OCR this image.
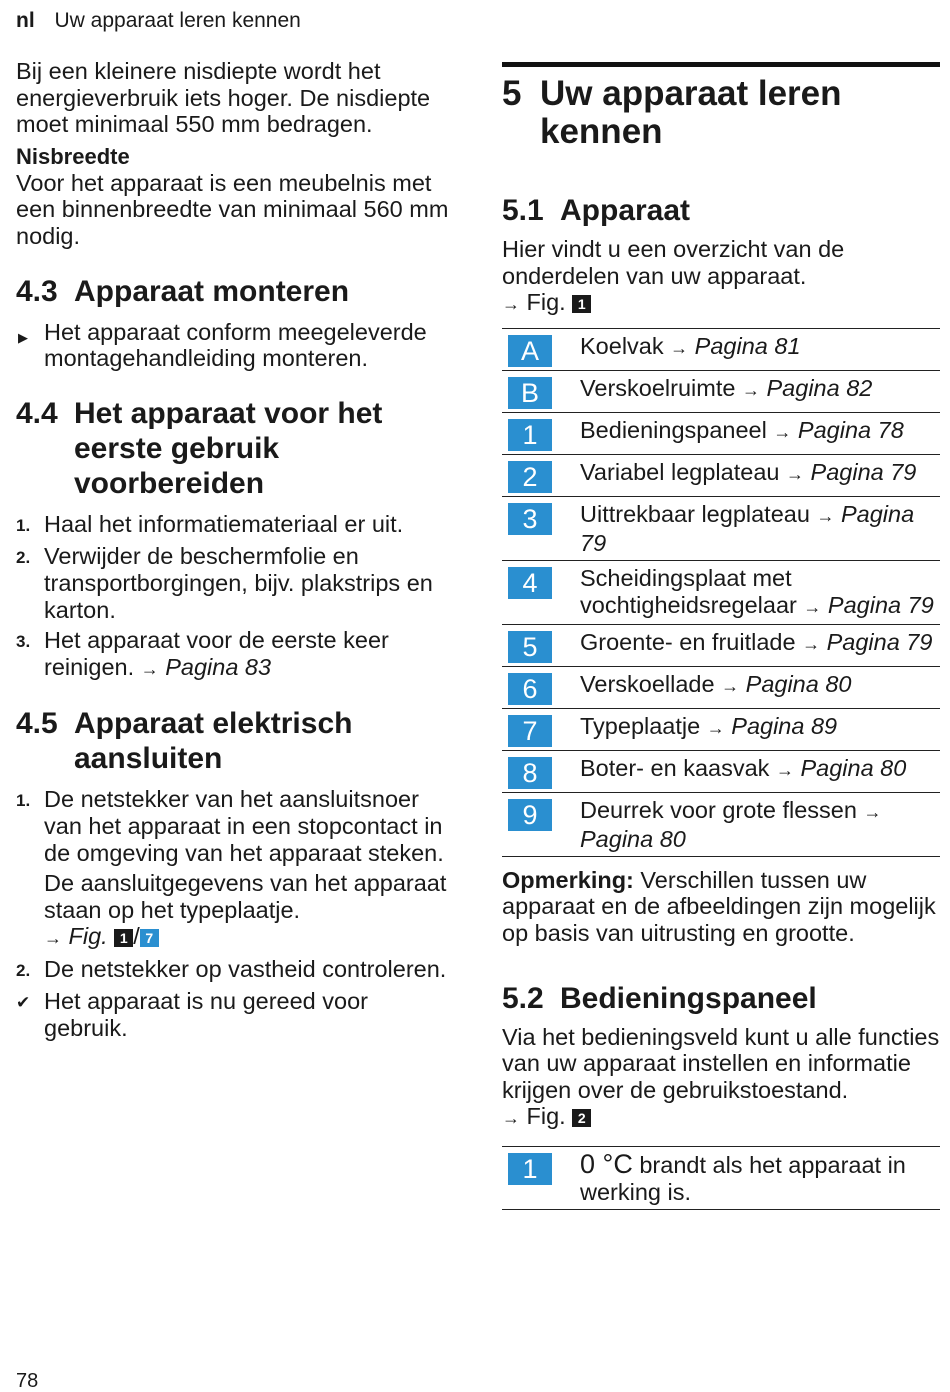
nl Uw apparaat leren kennen

Bij een kleinere nisdiepte wordt het energieverbruik iets hoger. De nisdiepte moet minimaal 550 mm bedragen.

Nisbreedte

Voor het apparaat is een meubelnis met een binnenbreedte van minimaal 560 mm nodig.

4.3 Apparaat monteren
▶ Het apparaat conform meegeleverde montagehandleiding monteren.
4.4 Het apparaat voor het eerste gebruik voorbereiden
1. Haal het informatiemateriaal er uit.
2. Verwijder de beschermfolie en transportborgingen, bijv. plakstrips en karton.
3. Het apparaat voor de eerste keer reinigen. → Pagina 83
4.5 Apparaat elektrisch aansluiten
1. De netstekker van het aansluitsnoer van het apparaat in een stopcontact in de omgeving van het apparaat steken.
De aansluitgegevens van het apparaat staan op het typeplaatje.
→ Fig. 1 / 7
2. De netstekker op vastheid controleren.
✔ Het apparaat is nu gereed voor gebruik.
5 Uw apparaat leren kennen
5.1 Apparaat

Hier vindt u een overzicht van de onderdelen van uw apparaat.

→ Fig. 1
A	Koelvak → Pagina 81
B	Verskoelruimte → Pagina 82
1	Bedieningspaneel → Pagina 78
2	Variabel legplateau → Pagina 79
3	Uittrekbaar legplateau → Pagina 79
4	Scheidingsplaat met vochtigheidsregelaar → Pagina 79
5	Groente- en fruitlade → Pagina 79
6	Verskoellade → Pagina 80
7	Typeplaatje → Pagina 89
8	Boter- en kaasvak → Pagina 80
9	Deurrek voor grote flessen → Pagina 80
Opmerking: Verschillen tussen uw apparaat en de afbeeldingen zijn mogelijk op basis van uitrusting en grootte.
5.2 Bedieningspaneel

Via het bedieningsveld kunt u alle functies van uw apparaat instellen en informatie krijgen over de gebruikstoestand.

→ Fig. 2
1	0 °C brandt als het apparaat in werking is.
78
